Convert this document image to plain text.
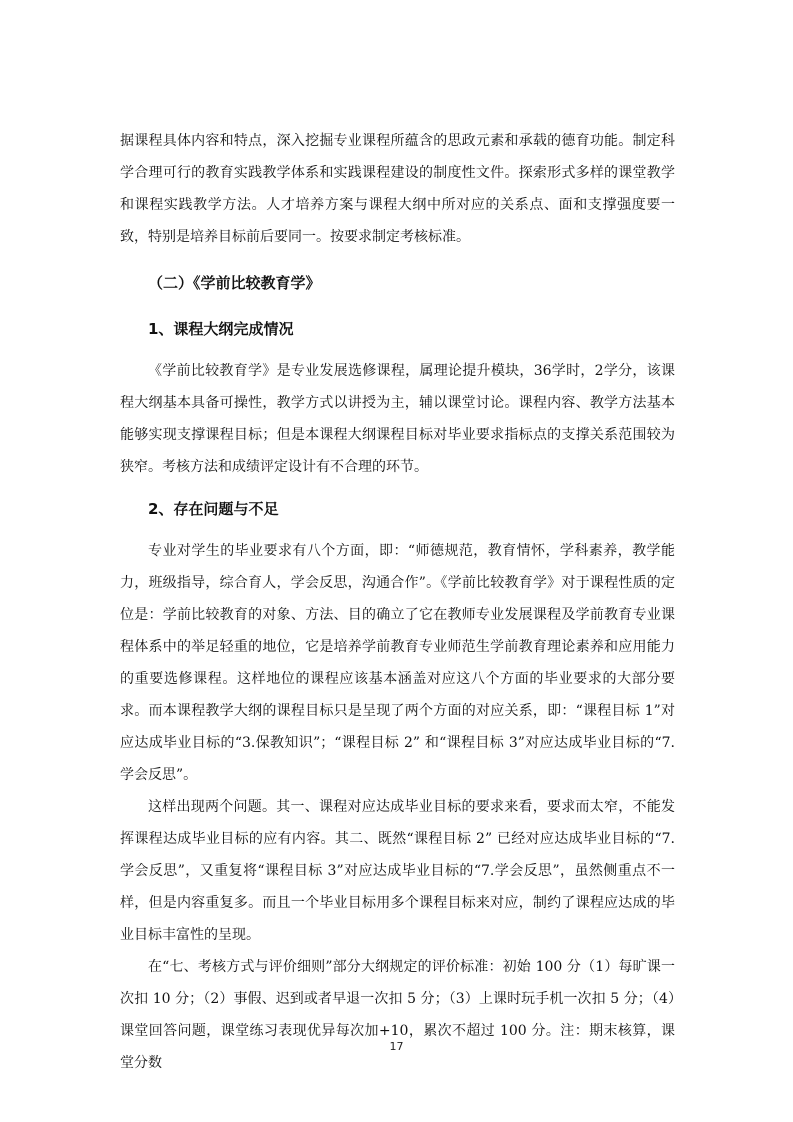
据课程具体内容和特点，深入挖掘专业课程所蕴含的思政元素和承载的德育功能。制定科学合理可行的教育实践教学体系和实践课程建设的制度性文件。探索形式多样的课堂教学和课程实践教学方法。人才培养方案与课程大纲中所对应的关系点、面和支撑强度要一致，特别是培养目标前后要同一。按要求制定考核标准。

（二）《学前比较教育学》
1、课程大纲完成情况

《学前比较教育学》是专业发展选修课程，属理论提升模块，36学时，2学分，该课程大纲基本具备可操性，教学方式以讲授为主，辅以课堂讨论。课程内容、教学方法基本能够实现支撑课程目标；但是本课程大纲课程目标对毕业要求指标点的支撑关系范围较为狭窄。考核方法和成绩评定设计有不合理的环节。

2、存在问题与不足

专业对学生的毕业要求有八个方面，即：“师德规范，教育情怀，学科素养，教学能力，班级指导，综合育人，学会反思，沟通合作”。《学前比较教育学》对于课程性质的定位是：学前比较教育的对象、方法、目的确立了它在教师专业发展课程及学前教育专业课程体系中的举足轻重的地位，它是培养学前教育专业师范生学前教育理论素养和应用能力的重要选修课程。这样地位的课程应该基本涵盖对应这八个方面的毕业要求的大部分要求。而本课程教学大纲的课程目标只是呈现了两个方面的对应关系，即：“课程目标 1”对应达成毕业目标的“3.保教知识”；“课程目标 2” 和“课程目标 3”对应达成毕业目标的“7.学会反思”。

这样出现两个问题。其一、课程对应达成毕业目标的要求来看，要求而太窄，不能发挥课程达成毕业目标的应有内容。其二、既然“课程目标 2” 已经对应达成毕业目标的“7.学会反思”，又重复将“课程目标 3”对应达成毕业目标的“7.学会反思”，虽然侧重点不一样，但是内容重复多。而且一个毕业目标用多个课程目标来对应，制约了课程应达成的毕业目标丰富性的呈现。

在“七、考核方式与评价细则”部分大纲规定的评价标准：初始 100 分（1）每旷课一次扣 10 分；（2）事假、迟到或者早退一次扣 5 分；（3）上课时玩手机一次扣 5 分；（4）课堂回答问题，课堂练习表现优异每次加+10，累次不超过 100 分。注：期末核算，课堂分数

17
